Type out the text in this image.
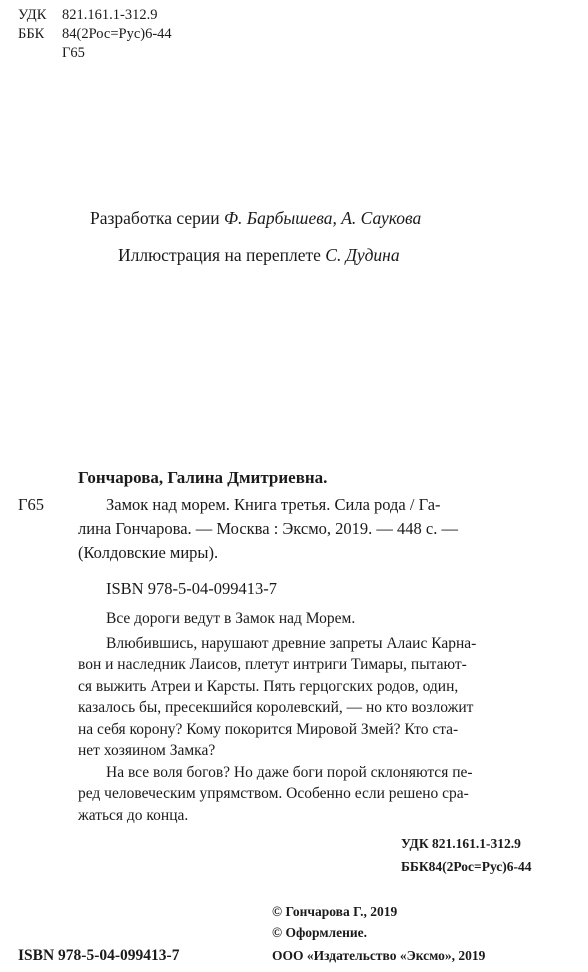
УДК 821.161.1-312.9
ББК 84(2Рос=Рус)6-44
Г65
Разработка серии Ф. Барбышева, А. Саукова
Иллюстрация на переплете С. Дудина
Гончарова, Галина Дмитриевна.
Г65	Замок над морем. Книга третья. Сила рода / Га-
лина Гончарова. — Москва : Эксмо, 2019. — 448 с. —
(Колдовские миры).
ISBN 978-5-04-099413-7
Все дороги ведут в Замок над Морем.

Влюбившись, нарушают древние запреты Алаис Карна-

вон и наследник Лаисов, плетут интриги Тимары, пытают-

ся выжить Атреи и Карсты. Пять герцогских родов, один,

казалось бы, пресекшийся королевский, — но кто возложит

на себя корону? Кому покорится Мировой Змей? Кто ста-

нет хозяином Замка?

На все воля богов? Но даже боги порой склоняются пе-

ред человеческим упрямством. Особенно если решено сра-

жаться до конца.

УДК 821.161.1-312.9
ББК84(2Рос=Рус)6-44
© Гончарова Г., 2019
© Оформление.
ISBN 978-5-04-099413-7	ООО «Издательство «Эксмо», 2019
